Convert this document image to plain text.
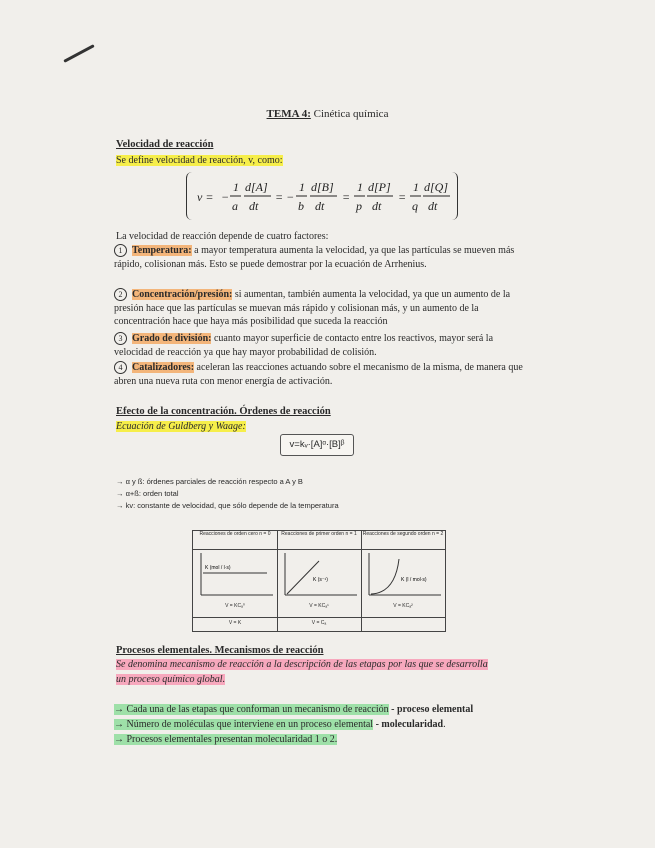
TEMA 4: Cinética química
Velocidad de reacción
Se define velocidad de reacción, v, como:
v = −
1
a
d[A]
dt
= −
1
b
d[B]
dt
=
1
p
d[P]
dt
=
1
q
d[Q]
dt
La velocidad de reacción depende de cuatro factores:
1 Temperatura: a mayor temperatura aumenta la velocidad, ya que las partículas se mueven más rápido, colisionan más. Esto se puede demostrar por la ecuación de Arrhenius.
2 Concentración/presión: si aumentan, también aumenta la velocidad, ya que un aumento de la presión hace que las partículas se muevan más rápido y colisionan más, y un aumento de la concentración hace que haya más posibilidad que suceda la reacción
3 Grado de división: cuanto mayor superficie de contacto entre los reactivos, mayor será la velocidad de reacción ya que hay mayor probabilidad de colisión.
4 Catalizadores: aceleran las reacciones actuando sobre el mecanismo de la misma, de manera que abren una nueva ruta con menor energía de activación.
Efecto de la concentración. Órdenes de reacción
Ecuación de Guldberg y Waage:
v=kᵥ·[A]ᵅ·[B]ᵝ
→ α y ß: órdenes parciales de reacción respecto a A y B
→ α+ß: orden total
→ kv: constante de velocidad, que sólo depende de la temperatura
Reacciones de orden cero n = 0
K (mol / l·s)
V = KCₐ⁰
V = K
Reacciones de primer orden n = 1
K (s⁻¹)
V = KCₐ¹
V = Cₐ
Reacciones de segundo orden n = 2
K (l / mol·s)
V = KCₐ²
Procesos elementales. Mecanismos de reacción
Se denomina mecanismo de reacción a la descripción de las etapas por las que se desarrolla
un proceso químico global.
→ Cada una de las etapas que conforman un mecanismo de reacción - proceso elemental
→ Número de moléculas que interviene en un proceso elemental - molecularidad.
→ Procesos elementales presentan molecularidad 1 o 2.
